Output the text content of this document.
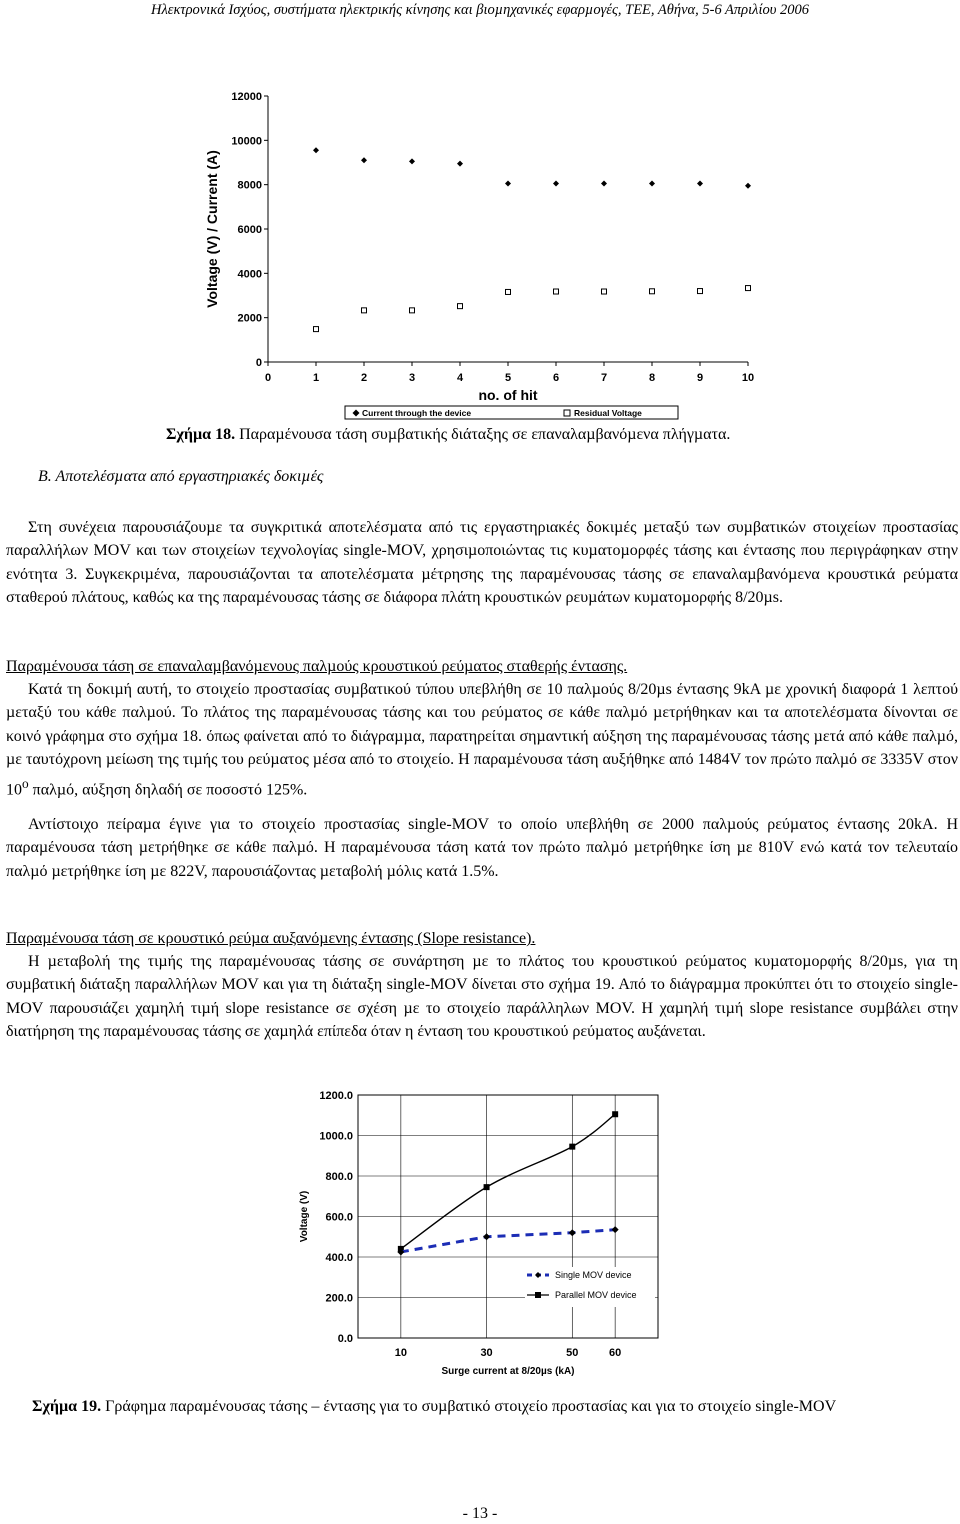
Ηλεκτρονικά Ισχύος, συστήµατα ηλεκτρικής κίνησης και βιοµηχανικές εφαρµογές, ΤΕΕ, Αθήνα, 5-6 Απριλίου 2006
0
2000
4000
6000
8000
10000
12000
0	1	2	3	4	5	6	7	8	9	10
Voltage (V) / Current (A)
no. of hit
Current through the device	Residual Voltage
Σχήµα 18. Παραµένουσα τάση συµβατικής διάταξης σε επαναλαµβανόµενα πλήγµατα.
Β. Αποτελέσµατα από εργαστηριακές δοκιµές

Στη συνέχεια παρουσιάζουµε τα συγκριτικά αποτελέσµατα από τις εργαστηριακές δοκιµές µεταξύ των συµβατικών στοιχείων προστασίας παραλλήλων MOV και των στοιχείων τεχνολογίας single-MOV, χρησιµοποιώντας τις κυµατοµορφές τάσης και έντασης που περιγράφηκαν στην ενότητα 3. Συγκεκριµένα, παρουσιάζονται τα αποτελέσµατα µέτρησης της παραµένουσας τάσης σε επαναλαµβανόµενα κρουστικά ρεύµατα σταθερού πλάτους, καθώς κα της παραµένουσας τάσης σε διάφορα πλάτη κρουστικών ρευµάτων κυµατοµορφής 8/20µs.

Παραµένουσα τάση σε επαναλαµβανόµενους παλµούς κρουστικού ρεύµατος σταθερής έντασης.

Κατά τη δοκιµή αυτή, το στοιχείο προστασίας συµβατικού τύπου υπεβλήθη σε 10 παλµούς 8/20µs έντασης 9kA µε χρονική διαφορά 1 λεπτού µεταξύ του κάθε παλµού. Το πλάτος της παραµένουσας τάσης και του ρεύµατος σε κάθε παλµό µετρήθηκαν και τα αποτελέσµατα δίνονται σε κοινό γράφηµα στο σχήµα 18. όπως φαίνεται από το διάγραµµα, παρατηρείται σηµαντική αύξηση της παραµένουσας τάσης µετά από κάθε παλµό, µε ταυτόχρονη µείωση της τιµής του ρεύµατος µέσα από το στοιχείο. Η παραµένουσα τάση αυξήθηκε από 1484V τον πρώτο παλµό σε 3335V στον $10^o$ παλµό, αύξηση δηλαδή σε ποσοστό 125%.

Αντίστοιχο πείραµα έγινε για το στοιχείο προστασίας single-MOV το οποίο υπεβλήθη σε 2000 παλµούς ρεύµατος έντασης 20kA. Η παραµένουσα τάση µετρήθηκε σε κάθε παλµό. Η παραµένουσα τάση κατά τον πρώτο παλµό µετρήθηκε ίση µε 810V ενώ κατά τον τελευταίο παλµό µετρήθηκε ίση µε 822V, παρουσιάζοντας µεταβολή µόλις κατά 1.5%.

Παραµένουσα τάση σε κρουστικό ρεύµα αυξανόµενης έντασης (Slope resistance).

Η µεταβολή της τιµής της παραµένουσας τάσης σε συνάρτηση µε το πλάτος του κρουστικού ρεύµατος κυµατοµορφής 8/20µs, για τη συµβατική διάταξη παραλλήλων MOV και για τη διάταξη single-MOV δίνεται στο σχήµα 19. Από το διάγραµµα προκύπτει ότι το στοιχείο single-MOV παρουσιάζει χαµηλή τιµή slope resistance σε σχέση µε το στοιχείο παράλληλων MOV. Η χαµηλή τιµή slope resistance συµβάλει στην διατήρηση της παραµένουσας τάσης σε χαµηλά επίπεδα όταν η ένταση του κρουστικού ρεύµατος αυξάνεται.

0.0
200.0
400.0
600.0
800.0
1000.0
1200.0
10	30	50	60
Voltage (V)
Surge current at 8/20µs (kA)
Single MOV device
Parallel MOV device
Σχήµα 19. Γράφηµα παραµένουσας τάσης – έντασης για το συµβατικό στοιχείο προστασίας και για το στοιχείο single-MOV
- 13 -
